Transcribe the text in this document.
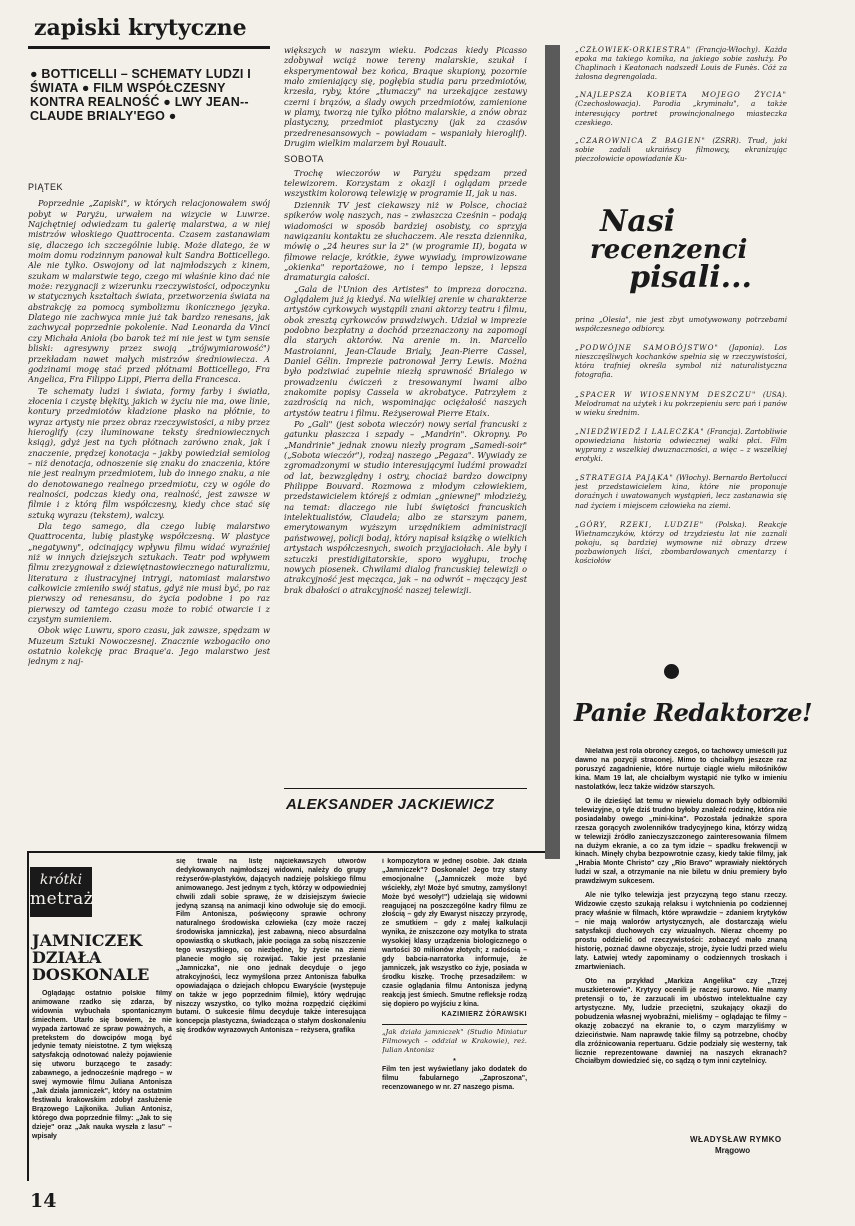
zapiski krytyczne
● BOTTICELLI – SCHEMATY LUDZI I ŚWIATA ● FILM WSPÓŁCZESNY KONTRA REALNOŚĆ ● LWY JEAN--CLAUDE BRIALY'EGO ●
PIĄTEK

Poprzednie „Zapiski", w których relacjonowałem swój pobyt w Paryżu, urwałem na wizycie w Luwrze. Najchętniej odwiedzam tu galerię malarstwa, a w niej mistrzów włoskiego Quattrocenta. Czasem zastanawiam się, dlaczego ich szczególnie lubię. Może dlatego, że w moim domu rodzinnym panował kult Sandra Botticellego. Ale nie tylko. Oswojony od lat najmłodszych z kinem, szukam w malarstwie tego, czego mi właśnie kino dać nie może: rezygnacji z wizerunku rzeczywistości, odpoczynku w statycznych kształtach świata, przetworzenia świata na abstrakcję za pomocą symbolizmu ikonicznego języka. Dlatego nie zachwyca mnie już tak bardzo renesans, jak zachwycał poprzednie pokolenie. Nad Leonarda da Vinci czy Michała Anioła (bo barok też mi nie jest w tym sensie bliski: agresywny przez swoją „trójwymiarowość") przekładam nawet małych mistrzów średniowiecza. A godzinami mogę stać przed płótnami Botticellego, Fra Angelica, Fra Filippo Lippi, Pierra della Francesca.

Te schematy ludzi i świata, formy farby i światła, złocenia i czystę błękity, jakich w życiu nie ma, owe linie, kontury przedmiotów kładzione płasko na płótnie, to wyraz artysty nie przez obraz rzeczywistości, a niby przez hieroglify (czy iluminowane teksty średniowiecznych ksiąg), gdyż jest na tych płótnach zarówno znak, jak i znaczenie, prędzej konotacja – jakby powiedział semiolog – niż denotacja, odnoszenie się znaku do znaczenia, które nie jest realnym przedmiotem, lub do innego znaku, a nie do denotowanego realnego przedmiotu, czy w ogóle do realności, podczas kiedy ona, realność, jest zawsze w filmie i z którą film współczesny, kiedy chce stać się sztuką wyrazu (tekstem), walczy.

Dla tego samego, dla czego lubię malarstwo Quattrocenta, lubię plastykę współczesną. W plastyce „negatywny", odcinający wpływu filmu widać wyraźniej niż w innych dziejszych sztukach. Teatr pod wpływem filmu zrezygnował z dziewiętnastowiecznego naturalizmu, literatura z ilustracyjnej intrygi, natomiast malarstwo całkowicie zmieniło swój status, gdyż nie musi być, po raz pierwszy od renesansu, do życia podobne i po raz pierwszy od tamtego czasu może to robić otwarcie i z czystym sumieniem.

Obok więc Luwru, sporo czasu, jak zawsze, spędzam w Muzeum Sztuki Nowoczesnej. Znacznie wzbogaciło ono ostatnio kolekcję prac Braque'a. Jego malarstwo jest jednym z naj-

większych w naszym wieku. Podczas kiedy Picasso zdobywał wciąż nowe tereny malarskie, szukał i eksperymentował bez końca, Braque skupiony, pozornie mało zmieniający się, pogłębia studia paru przedmiotów, krzesła, ryby, które „tłumaczy" na urzekające zestawy czerni i brązów, a ślady owych przedmiotów, zamienione w plamy, tworzą nie tylko płótno malarskie, a znów obraz plastyczny, przedmiot plastyczny (jak za czasów przedrenesansowych – powiadam – wspaniały hieroglif). Drugim wielkim malarzem był Rouault.

SOBOTA

Trochę wieczorów w Paryżu spędzam przed telewizorem. Korzystam z okazji i oglądam przede wszystkim kolorową telewizję w programie II, jak u nas.

Dziennik TV jest ciekawszy niż w Polsce, chociaż spikerów wolę naszych, nas – zwłaszcza Cześnin – podają wiadomości w sposób bardziej osobisty, co sprzyja nawiązaniu kontaktu ze słuchaczem. Ale reszta dziennika, mówię o „24 heures sur la 2" (w programie II), bogata w filmowe relacje, krótkie, żywe wywiady, improwizowane „okienka" reportażowe, no i tempo lepsze, i lepsza dramaturgia całości.

„Gala de l'Union des Artistes" to impreza doroczna. Oglądałem już ją kiedyś. Na wielkiej arenie w charakterze artystów cyrkowych wystąpili znani aktorzy teatru i filmu, obok zresztą cyrkowców prawdziwych. Udział w imprezie podobno bezpłatny a dochód przeznaczony na zapomogi dla starych aktorów. Na arenie m. in. Marcello Mastroianni, Jean-Claude Brialy, Jean-Pierre Cassel, Daniel Gélin. Imprezie patronował Jerry Lewis. Można było podziwiać zupełnie niezłą sprawność Brialego w prowadzeniu ćwiczeń z tresowanymi lwami albo znakomite popisy Cassela w akrobatyce. Patrzyłem z zazdrością na nich, wspominając ociężałość naszych artystów teatru i filmu. Reżyserował Pierre Etaix.

Po „Gali" (jest sobota wieczór) nowy serial francuski z gatunku płaszcza i szpady – „Mandrin". Okropny. Po „Mandrinie" jednak znowu niezły program „Samedi-soir" („Sobota wieczór"), rodzaj naszego „Pegaza". Wywiady ze zgromadzonymi w studio interesującymi ludźmi prowadzi od lat, bezwzględny i ostry, chociaż bardzo dowcipny Philippe Bouvard. Rozmowa z młodym człowiekiem, przedstawicielem którejś z odmian „gniewnej" młodzieży, na temat: dlaczego nie lubi świętości francuskich intelektualistów, Claudela; albo ze starszym panem, emerytowanym wyższym urzędnikiem administracji państwowej, policji bodaj, który napisał książkę o wielkich artystach współczesnych, swoich przyjaciołach. Ale były i sztuczki prestidigitatorskie, sporo wygłupu, trochę nowych piosenek. Chwilami dialog francuskiej telewizji o atrakcyjność jest męcząca, jak – na odwrót – męczący jest brak dbałości o atrakcyjność naszej telewizji.

ALEKSANDER JACKIEWICZ
„CZŁOWIEK-ORKIESTRA" (Francja-Włochy). Każda epoka ma takiego komika, na jakiego sobie zasłuży. Po Chaplinach i Keatonach nadszedł Louis de Funès. Cóż za żałosna degrengolada.
„NAJLEPSZA KOBIETA MOJEGO ŻYCIA" (Czechosłowacja). Parodia „kryminału", a także interesujący portret prowincjonalnego miasteczka czeskiego.
„CZAROWNICA Z BAGIEN" (ZSRR). Trud, jaki sobie zadali ukraińscy filmowcy, ekranizując pieczołowicie opowiadanie Ku-
Nasi
recenzenci
pisali...
prina „Olesia", nie jest zbyt umotywowany potrzebami współczesnego odbiorcy.
„PODWÓJNE SAMOBÓJSTWO" (Japonia). Los nieszczęśliwych kochanków spełnia się w rzeczywistości, która trafniej określa symbol niż naturalistyczna fotografia.
„SPACER W WIOSENNYM DESZCZU" (USA). Melodramat na użytek i ku pokrzepieniu serc pań i panów w wieku średnim.
„NIEDŹWIEDŹ I LALECZKA" (Francja). Zartobliwie opowiedziana historia odwiecznej walki płci. Film wyprany z wszelkiej dwuznaczności, a więc – z wszelkiej erotyki.
„STRATEGIA PAJĄKA" (Włochy). Bernardo Bertolucci jest przedstawicielem kina, które nie proponuje doraźnych i uwatowanych wystąpień, lecz zastanawia się nad życiem i miejscem człowieka na ziemi.
„GÓRY, RZEKI, LUDZIE" (Polska). Reakcje Wietnamczyków, którzy od trzydziestu lat nie zaznali pokoju, są bardziej wymowne niż obrazy drzew pozbawionych liści, zbombardowanych cmentarzy i kościołów
Panie Redaktorze!

Nielatwa jest rola obrońcy czegoś, co tachowcy umieścili już dawno na pozycji straconej. Mimo to chciałbym jeszcze raz poruszyć zagadnienie, które nurtuje ciągle wielu miłośników kina. Mam 19 lat, ale chciałbym wystąpić nie tylko w imieniu nastolatków, lecz także widzów starszych.

O ile dzieśięć lat temu w niewielu domach były odbiorniki telewizyjne, o tyle dziś trudno byłoby znaleźć rodzinę, która nie posiadałaby owego „mini-kina". Pozostała jednakże spora rzesza gorących zwolenników tradycyjnego kina, którzy widzą w telewizji źródło zanieczyszczonego zainteresowania filmem na dużym ekranie, a co za tym idzie – spadku frekwencji w kinach. Minęły chyba bezpowrotnie czasy, kiedy takie filmy, jak „Hrabia Monte Christo" czy „Rio Bravo" wprawiały niektórych ludzi w szał, a otrzymanie na nie biletu w dniu premiery było prawdziwym sukcesem.

Ale nie tylko telewizja jest przyczyną tego stanu rzeczy. Widzowie często szukają relaksu i wytchnienia po codziennej pracy właśnie w filmach, które wprawdzie – zdaniem krytyków – nie mają walorów artystycznych, ale dostarczają wielu satysfakcji duchowych czy wizualnych. Nieraz chcemy po prostu oddzielić od rzeczywistości: zobaczyć mało znaną historię, poznać dawne obyczaje, stroje, życie ludzi przed wielu laty. Łatwiej wtedy zapominamy o codziennych troskach i zmartwieniach.

Oto na przykład „Markiza Angelika" czy „Trzej muszkieterowie". Krytycy ocenili je raczej surowo. Nie mamy pretensji o to, że zarzucali im ubóstwo intelektualne czy artystyczne. My, ludzie przeciętni, szukający okazji do pobudzenia własnej wyobraźni, mieliśmy – oglądając te filmy – okazję zobaczyć na ekranie to, o czym marzyliśmy w dzieciństwie. Nam naprawdę takie filmy są potrzebne, choćby dla zróżnicowania repertuaru. Gdzie podziały się westerny, tak licznie reprezentowane dawniej na naszych ekranach? Chciałbym dowiedzieć się, co sądzą o tym inni czytelnicy.

WŁADYSŁAW RYMKO
Mrągowo
krótki
metraż
JAMNICZEK
DZIAŁA
DOSKONALE

Oglądając ostatnio polskie filmy animowane rzadko się zdarza, by widownia wybuchała spontanicznym śmiechem. Utarło się bowiem, że nie wypada żartować ze spraw poważnych, a pretekstem do dowcipów mogą być jedynie tematy nieistotne. Z tym większą satysfakcją odnotować należy pojawienie się utworu burzącego te zasady: zabawnego, a jednocześnie mądrego – w swej wymowie filmu Juliana Antoniszа „Jak działa jamniczek", który na ostatnim festiwalu krakowskim zdobył zasłużenie Brązowego Lajkonika. Julian Antonisz, którego dwa poprzednie filmy: „Jak to się dzieje" oraz „Jak nauka wyszła z lasu" – wpisały

się trwale na listę najciekawszych utworów dedykowanych najmłodszej widowni, należy do grupy reżyserów-plastyków, dających nadzieję polskiego filmu animowanego. Jest jednym z tych, którzy w odpowiedniej chwili zdali sobie sprawę, że w dzisiejszym świecie jedyną szansą na animacji kino odwołuje się do emocji. Film Antonisza, poświęcony sprawie ochrony naturalnego środowiska człowieka (czy może raczej środowiska jamniczka), jest zabawną, nieco absurdalna opowiastką o skutkach, jakie pociąga za sobą niszczenie tego wszystkiego, co niezbędne, by życie na ziemi planecie mogło się rozwijać. Takie jest przesłanie „Jamniczka", nie ono jednak decyduje o jego atrakcyjności, lecz wymyślona przez Antonisza fabułka opowiadająca o dziejach chłopcu Ewaryście (występuje on także w jego poprzednim filmie), który wędrując niszczy wszystko, co tylko można rozpędzić ciężkimi butami. O sukcesie filmu decyduje także interesująca koncepcja plastyczna, świadcząca o stałym doskonaleniu się środków wyrazowych Antonisza – reżysera, grafika

i kompozytora w jednej osobie. Jak działa „Jamniczek"? Doskonale! Jego trzy stany emocjonalne („Jamniczek może być wściekły, zły! Może być smutny, zamyślony! Może być wesoły!") udzielają się widowni reagującej na poszczególne kadry filmu ze złością – gdy zły Ewaryst niszczy przyrodę, ze smutkiem – gdy z małej kalkulacji wynika, że zniszczone ozy motylka to strata wysokiej klasy urządzenia biologicznego o wartości 30 milionów złotych; z radością – gdy babcia-narratorka informuje, że jamniczek, jak wszystko co żyje, posiada w środku kiszkę. Trochę przesadziłem: w czasie oglądania filmu Antonisza jedyną reakcją jest śmiech. Smutne refleksje rodzą się dopiero po wyjściu z kina.

KAZIMIERZ ŻÓRAWSKI
„Jak działa jamniczek" (Studio Miniatur Filmowych – oddział w Krakowie), reż. Julian Antonisz
*
Film ten jest wyświetlany jako dodatek do filmu fabularnego „Zaproszona", recenzowanego w nr. 27 naszego pisma.
14
